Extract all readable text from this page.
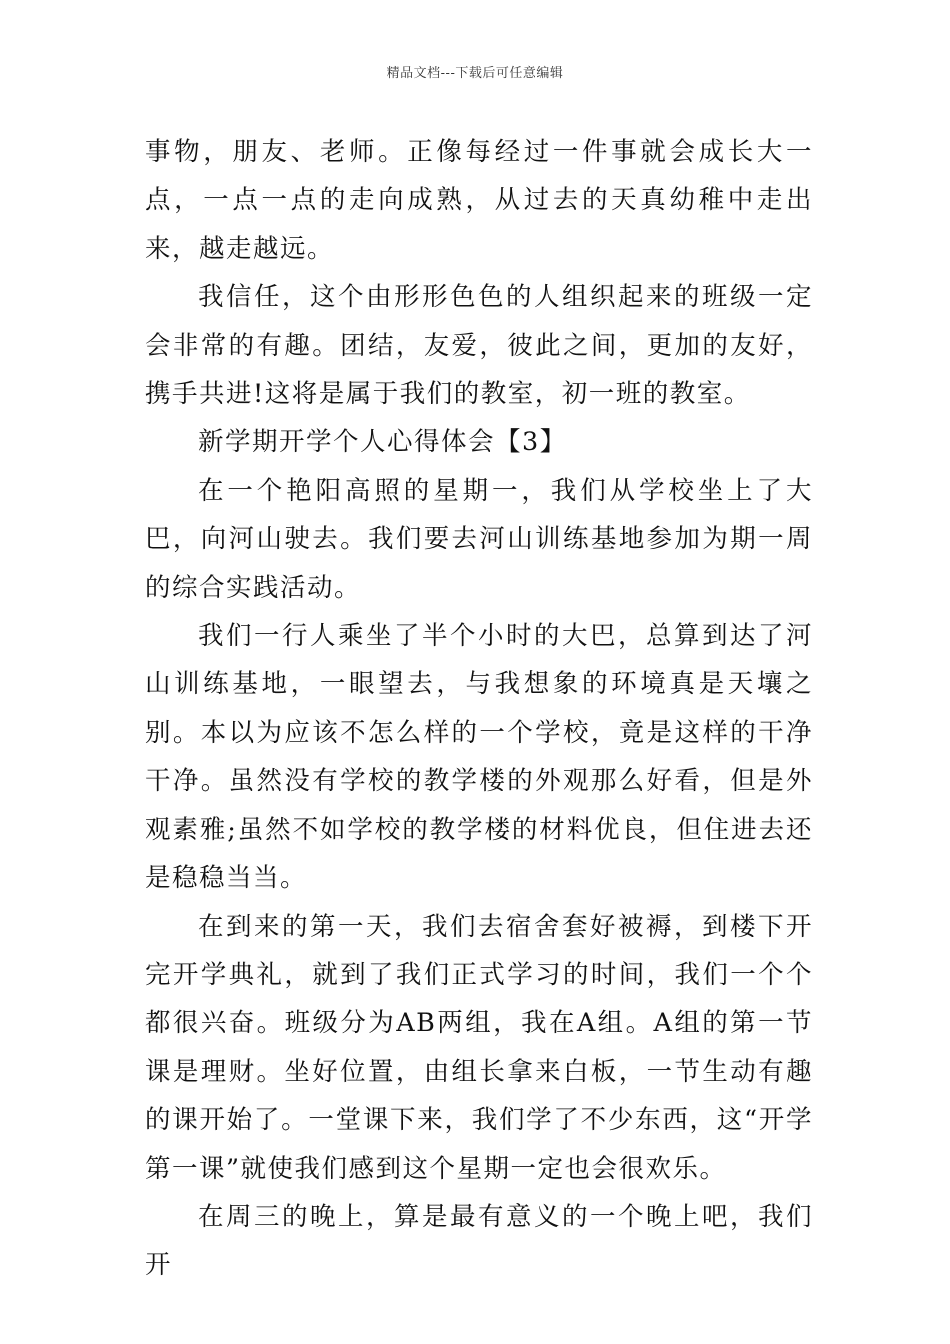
精品文档---下载后可任意编辑

事物，朋友、老师。正像每经过一件事就会成长大一点，一点一点的走向成熟，从过去的天真幼稚中走出来，越走越远。

我信任，这个由形形色色的人组织起来的班级一定会非常的有趣。团结，友爱，彼此之间，更加的友好，携手共进!这将是属于我们的教室，初一班的教室。

新学期开学个人心得体会【3】

在一个艳阳高照的星期一，我们从学校坐上了大巴，向河山驶去。我们要去河山训练基地参加为期一周的综合实践活动。

我们一行人乘坐了半个小时的大巴，总算到达了河山训练基地，一眼望去，与我想象的环境真是天壤之别。本以为应该不怎么样的一个学校，竟是这样的干净干净。虽然没有学校的教学楼的外观那么好看，但是外观素雅;虽然不如学校的教学楼的材料优良，但住进去还是稳稳当当。

在到来的第一天，我们去宿舍套好被褥，到楼下开完开学典礼，就到了我们正式学习的时间，我们一个个都很兴奋。班级分为AB两组，我在A组。A组的第一节课是理财。坐好位置，由组长拿来白板，一节生动有趣的课开始了。一堂课下来，我们学了不少东西，这“开学第一课”就使我们感到这个星期一定也会很欢乐。

在周三的晚上，算是最有意义的一个晚上吧，我们开
